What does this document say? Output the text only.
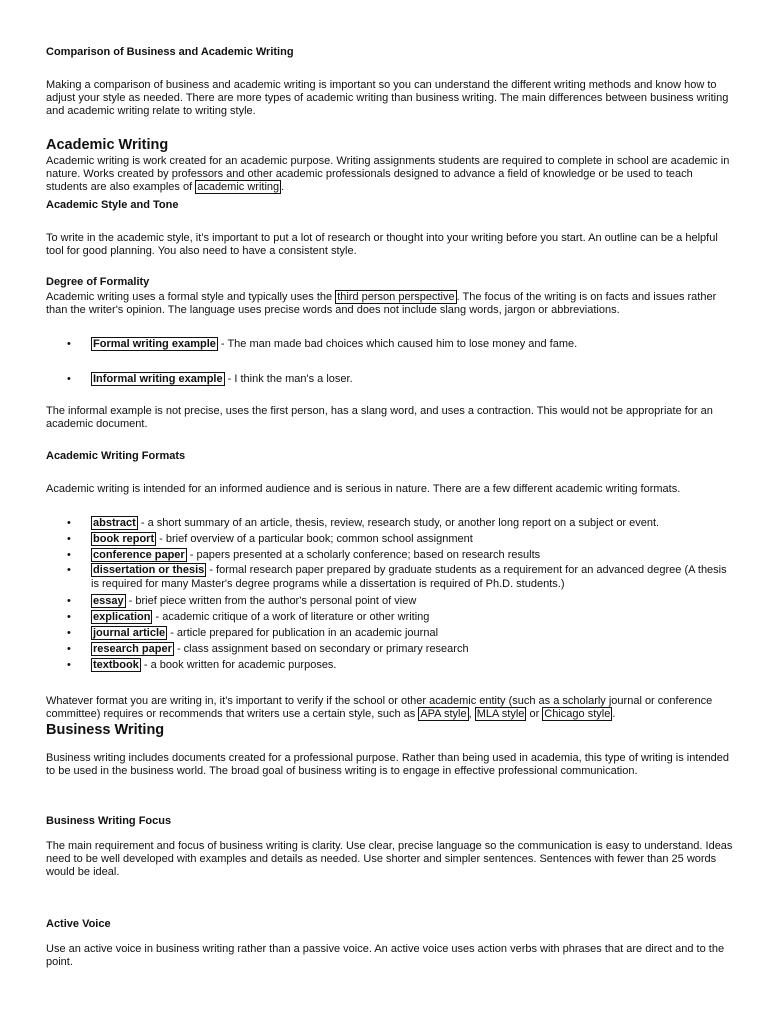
Comparison of Business and Academic Writing

Making a comparison of business and academic writing is important so you can understand the different writing methods and know how to adjust your style as needed. There are more types of academic writing than business writing. The main differences between business writing and academic writing relate to writing style.

Academic Writing

Academic writing is work created for an academic purpose. Writing assignments students are required to complete in school are academic in nature. Works created by professors and other academic professionals designed to advance a field of knowledge or be used to teach students are also examples of academic writing .

Academic Style and Tone

To write in the academic style, it’s important to put a lot of research or thought into your writing before you start. An outline can be a helpful tool for good planning. You also need to have a consistent style.

Degree of Formality

Academic writing uses a formal style and typically uses the third person perspective . The focus of the writing is on facts and issues rather than the writer's opinion. The language uses precise words and does not include slang words, jargon or abbreviations.

• Formal writing example - The man made bad choices which caused him to lose money and fame.
• Informal writing example - I think the man's a loser.

The informal example is not precise, uses the first person, has a slang word, and uses a contraction. This would not be appropriate for an academic document.

Academic Writing Formats

Academic writing is intended for an informed audience and is serious in nature. There are a few different academic writing formats.

• abstract - a short summary of an article, thesis, review, research study, or another long report on a subject or event.
• book report - brief overview of a particular book; common school assignment
• conference paper - papers presented at a scholarly conference; based on research results
• dissertation or thesis - formal research paper prepared by graduate students as a requirement for an advanced degree (A thesis is required for many Master's degree programs while a dissertation is required of Ph.D. students.)
• essay - brief piece written from the author's personal point of view
• explication - academic critique of a work of literature or other writing
• journal article - article prepared for publication in an academic journal
• research paper - class assignment based on secondary or primary research
• textbook - a book written for academic purposes.

Whatever format you are writing in, it’s important to verify if the school or other academic entity (such as a scholarly journal or conference committee) requires or recommends that writers use a certain style, such as APA style , MLA style or Chicago style .

Business Writing

Business writing includes documents created for a professional purpose. Rather than being used in academia, this type of writing is intended to be used in the business world. The broad goal of business writing is to engage in effective professional communication.

Business Writing Focus

The main requirement and focus of business writing is clarity. Use clear, precise language so the communication is easy to understand. Ideas need to be well developed with examples and details as needed. Use shorter and simpler sentences. Sentences with fewer than 25 words would be ideal.

Active Voice

Use an active voice in business writing rather than a passive voice. An active voice uses action verbs with phrases that are direct and to the point.
